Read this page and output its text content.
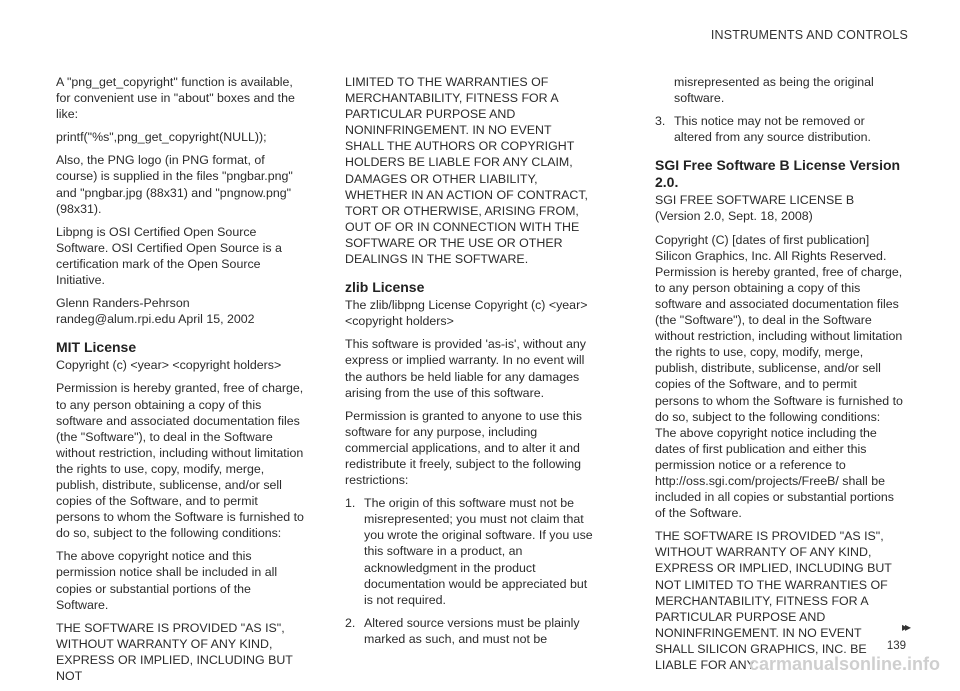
INSTRUMENTS AND CONTROLS

A "png_get_copyright" function is available, for convenient use in "about" boxes and the like:

printf("%s",png_get_copyright(NULL));

Also, the PNG logo (in PNG format, of course) is supplied in the files "pngbar.png" and "pngbar.jpg (88x31) and "pngnow.png" (98x31).

Libpng is OSI Certified Open Source Software. OSI Certified Open Source is a certification mark of the Open Source Initiative.

Glenn Randers-Pehrson randeg@alum.rpi.edu April 15, 2002

MIT License

Copyright (c) <year> <copyright holders>

Permission is hereby granted, free of charge, to any person obtaining a copy of this software and associated documentation files (the "Software"), to deal in the Software without restriction, including without limitation the rights to use, copy, modify, merge, publish, distribute, sublicense, and/or sell copies of the Software, and to permit persons to whom the Software is furnished to do so, subject to the following conditions:

The above copyright notice and this permission notice shall be included in all copies or substantial portions of the Software.

THE SOFTWARE IS PROVIDED "AS IS", WITHOUT WARRANTY OF ANY KIND, EXPRESS OR IMPLIED, INCLUDING BUT NOT

LIMITED TO THE WARRANTIES OF MERCHANTABILITY, FITNESS FOR A PARTICULAR PURPOSE AND NONINFRINGEMENT. IN NO EVENT SHALL THE AUTHORS OR COPYRIGHT HOLDERS BE LIABLE FOR ANY CLAIM, DAMAGES OR OTHER LIABILITY, WHETHER IN AN ACTION OF CONTRACT, TORT OR OTHERWISE, ARISING FROM, OUT OF OR IN CONNECTION WITH THE SOFTWARE OR THE USE OR OTHER DEALINGS IN THE SOFTWARE.

zlib License

The zlib/libpng License Copyright (c) <year> <copyright holders>

This software is provided 'as-is', without any express or implied warranty. In no event will the authors be held liable for any damages arising from the use of this software.

Permission is granted to anyone to use this software for any purpose, including commercial applications, and to alter it and redistribute it freely, subject to the following restrictions:

1. The origin of this software must not be misrepresented; you must not claim that you wrote the original software. If you use this software in a product, an acknowledgment in the product documentation would be appreciated but is not required.
2. Altered source versions must be plainly marked as such, and must not be

misrepresented as being the original software.

3. This notice may not be removed or altered from any source distribution.
SGI Free Software B License Version 2.0.

SGI FREE SOFTWARE LICENSE B (Version 2.0, Sept. 18, 2008)

Copyright (C) [dates of first publication] Silicon Graphics, Inc. All Rights Reserved. Permission is hereby granted, free of charge, to any person obtaining a copy of this software and associated documentation files (the "Software"), to deal in the Software without restriction, including without limitation the rights to use, copy, modify, merge, publish, distribute, sublicense, and/or sell copies of the Software, and to permit persons to whom the Software is furnished to do so, subject to the following conditions: The above copyright notice including the dates of first publication and either this permission notice or a reference to http://oss.sgi.com/projects/FreeB/ shall be included in all copies or substantial portions of the Software.

THE SOFTWARE IS PROVIDED "AS IS", WITHOUT WARRANTY OF ANY KIND, EXPRESS OR IMPLIED, INCLUDING BUT NOT LIMITED TO THE WARRANTIES OF MERCHANTABILITY, FITNESS FOR A PARTICULAR PURPOSE AND NONINFRINGEMENT. IN NO EVENT SHALL SILICON GRAPHICS, INC. BE LIABLE FOR ANY

▸▸
139
carmanualsonline.info
